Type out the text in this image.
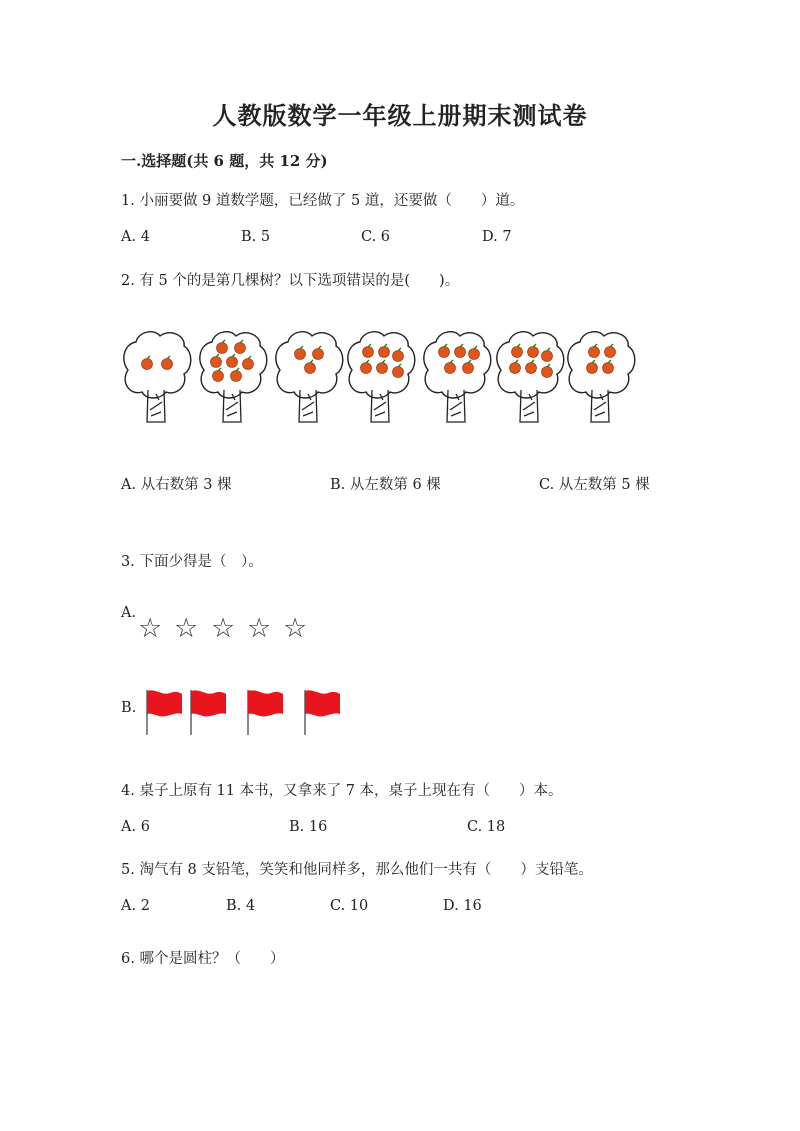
人教版数学一年级上册期末测试卷
一.选择题(共 6 题，共 12 分)
1. 小丽要做 9 道数学题，已经做了 5 道，还要做（　　）道。
A. 4	B. 5	C. 6	D. 7
2. 有 5 个的是第几棵树？以下选项错误的是(　　)。
A. 从右数第 3 棵	B. 从左数第 6 棵	C. 从左数第 5 棵
3. 下面少得是（　）。
A. ☆ ☆ ☆ ☆ ☆
B.
4. 桌子上原有 11 本书，又拿来了 7 本，桌子上现在有（　　）本。
A. 6	B. 16	C. 18
5. 淘气有 8 支铅笔，笑笑和他同样多，那么他们一共有（　　）支铅笔。
A. 2	B. 4	C. 10	D. 16
6. 哪个是圆柱？（　　）
